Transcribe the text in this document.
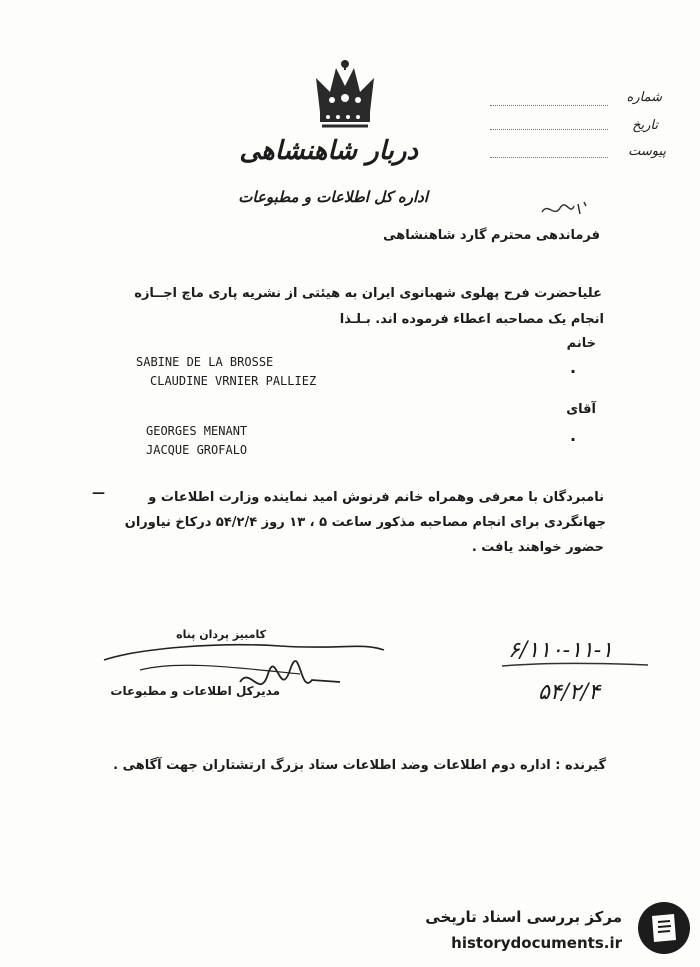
دربار شاهنشاهی
اداره کل اطلاعات و مطبوعات
شماره
تاریخ
پیوست
فرماندهی محترم گارد شاهنشاهی
علیاحضرت فرح پهلوی شهبانوی ایران به هیئتی از نشریه پاری ماچ اجــازه
انجام یک مصاحبه اعطاء فرموده اند. بـلـذا
خانم
SABINE DE LA BROSSE
CLAUDINE VRNIER PALLIEZ	·
آقای
GEORGES MENANT
JACQUE GROFALO
·
نامبردگان با معرفی وهمراه خانم فرنوش امید نماینده وزارت اطلاعات و
—
جهانگردی برای انجام مصاحبه مذکور ساعت ۵ ، ۱۳ روز ۵۴/۲/۴ درکاخ نیاوران
حضور خواهند یافت .
کامبیز پردان پناه
مدیرکل اطلاعات و مطبوعات
۶/۱۱۰-۱۱-۱
۵۴/۲/۴
گیرنده : اداره دوم اطلاعات وضد اطلاعات ستاد بزرگ ارتشتاران جهت آگاهی .
مرکز بررسی اسناد تاریخی
historydocuments.ir
